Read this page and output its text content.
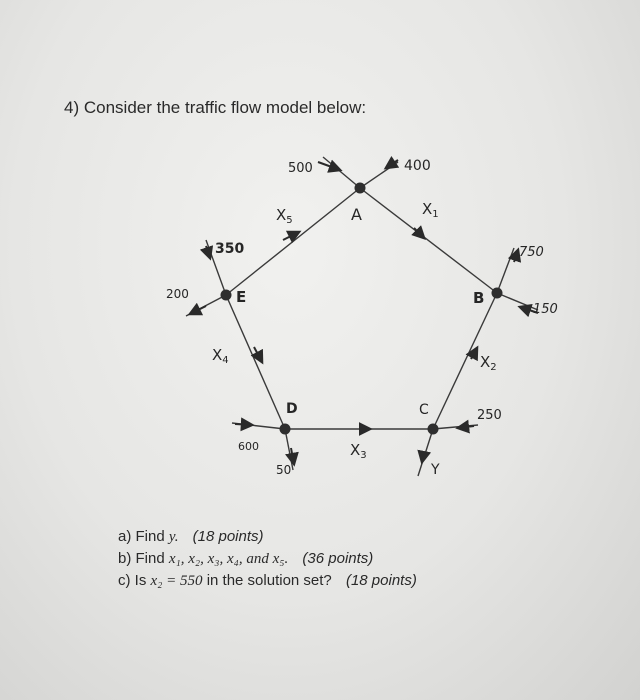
4) Consider the traffic flow model below:
A
B
C
D
E
500	400
$X_5$
$X_1$
350
200
750
150
$X_4$	$X_2$
600
50
$X_3$
250
Y
a) Find y. (18 points)
b) Find x₁, x₂, x₃, x₄, and x₅. (36 points)
c) Is x₂ = 550 in the solution set? (18 points)
